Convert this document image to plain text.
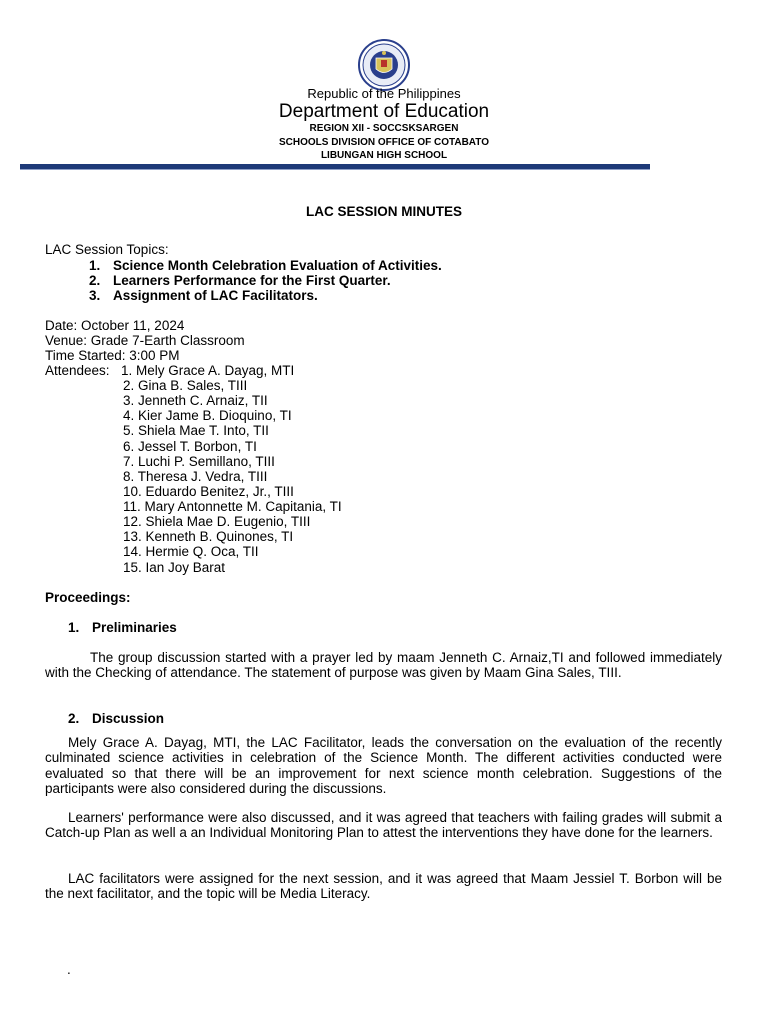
Republic of the Philippines
Department of Education
REGION XII - SOCCSKSARGEN
SCHOOLS DIVISION OFFICE OF COTABATO
LIBUNGAN HIGH SCHOOL
LAC SESSION MINUTES
LAC Session Topics:
1. Science Month Celebration Evaluation of Activities.
2. Learners Performance for the First Quarter.
3. Assignment of LAC Facilitators.
Date: October 11, 2024
Venue: Grade 7-Earth Classroom
Time Started: 3:00 PM
Attendees: 1. Mely Grace A. Dayag, MTI
2. Gina B. Sales, TIII
3. Jenneth C. Arnaiz, TII
4. Kier Jame B. Dioquino, TI
5. Shiela Mae T. Into, TII
6. Jessel T. Borbon, TI
7. Luchi P. Semillano, TIII
8. Theresa J. Vedra, TIII
10. Eduardo Benitez, Jr., TIII
11. Mary Antonnette M. Capitania, TI
12. Shiela Mae D. Eugenio, TIII
13. Kenneth B. Quinones, TI
14. Hermie Q. Oca, TII
15. Ian Joy Barat
Proceedings:
1. Preliminaries
The group discussion started with a prayer led by maam Jenneth C. Arnaiz,TI and followed immediately with the Checking of attendance. The statement of purpose was given by Maam Gina Sales, TIII.
2. Discussion
Mely Grace A. Dayag, MTI, the LAC Facilitator, leads the conversation on the evaluation of the recently culminated science activities in celebration of the Science Month. The different activities conducted were evaluated so that there will be an improvement for next science month celebration. Suggestions of the participants were also considered during the discussions.
Learners' performance were also discussed, and it was agreed that teachers with failing grades will submit a Catch-up Plan as well a an Individual Monitoring Plan to attest the interventions they have done for the learners.
LAC facilitators were assigned for the next session, and it was agreed that Maam Jessiel T. Borbon will be the next facilitator, and the topic will be Media Literacy.
.
